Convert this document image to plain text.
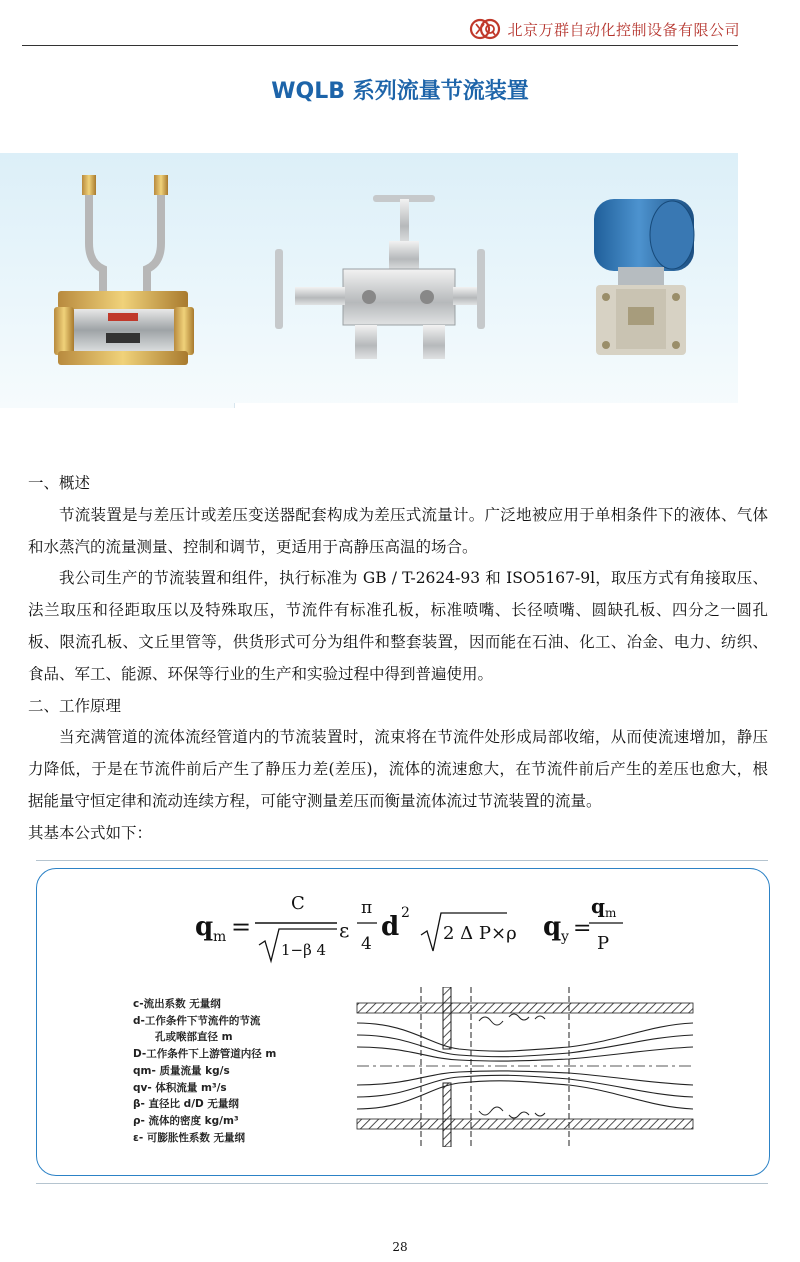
北京万群自动化控制设备有限公司
WQLB 系列流量节流装置

一、概述

节流装置是与差压计或差压变送器配套构成为差压式流量计。广泛地被应用于单相条件下的液体、气体和水蒸汽的流量测量、控制和调节，更适用于高静压高温的场合。

我公司生产的节流装置和组件，执行标准为 GB / T-2624-93 和 ISO5167-9l，取压方式有角接取压、法兰取压和径距取压以及特殊取压，节流件有标准孔板，标准喷嘴、长径喷嘴、圆缺孔板、四分之一圆孔板、限流孔板、文丘里管等，供货形式可分为组件和整套装置，因而能在石油、化工、冶金、电力、纺织、食品、军工、能源、环保等行业的生产和实验过程中得到普遍使用。

二、工作原理

当充满管道的流体流经管道内的节流装置时，流束将在节流件处形成局部收缩，从而使流速增加，静压力降低，于是在节流件前后产生了静压力差(差压)，流体的流速愈大，在节流件前后产生的差压也愈大，根据能量守恒定律和流动连续方程，可能守测量差压而衡量流体流过节流装置的流量。

其基本公式如下：

q m =
C
1−β 4
ε
π
4
d 2
2 Δ P×ρ q y =
q m
P
c-流出系数 无量纲
d-工作条件下节流件的节流
孔或喉部直径 m
D-工作条件下上游管道内径 m
qm- 质量流量 kg/s
qv- 体积流量 m³/s
β- 直径比 d/D 无量纲
ρ- 流体的密度 kg/m³
ε- 可膨胀性系数 无量纲
28
